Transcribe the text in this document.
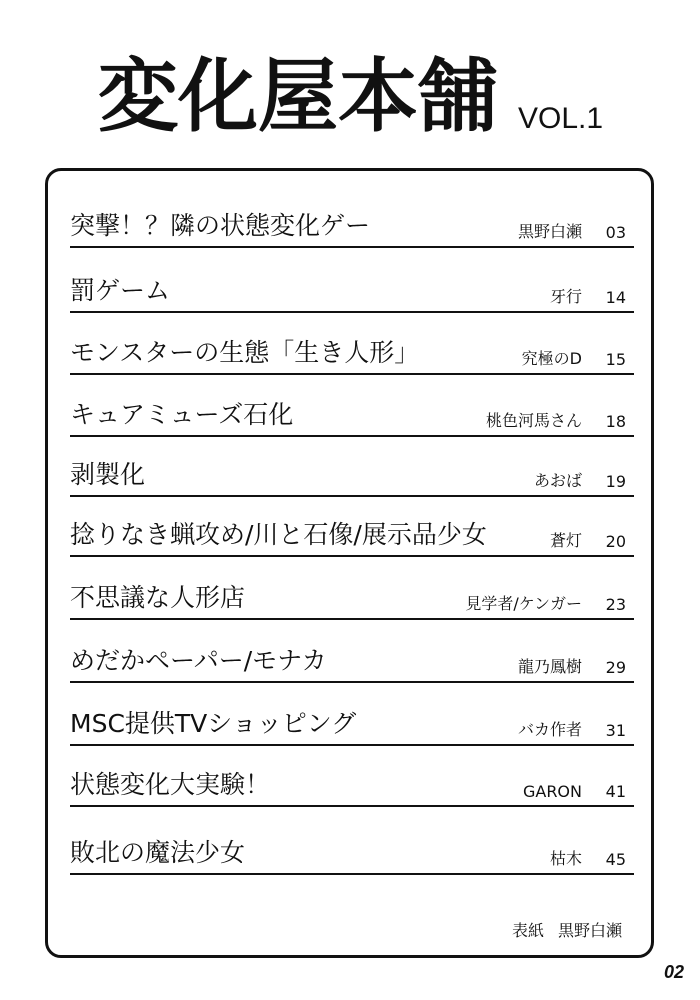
変化屋本舗 VOL.1
突撃！？隣の状態変化ゲー	黒野白瀬 03
罰ゲーム	牙行 14
モンスターの生態「生き人形」	究極のD 15
キュアミューズ石化	桃色河馬さん 18
剥製化	あおば 19
捻りなき蝋攻め/川と石像/展示品少女	蒼灯 20
不思議な人形店	見学者/ケンガー 23
めだかペーパー/モナカ	龍乃鳳樹 29
MSC提供TVショッピング	バカ作者 31
状態変化大実験！	GARON 41
敗北の魔法少女	枯木 45
表紙 黒野白瀬
02
